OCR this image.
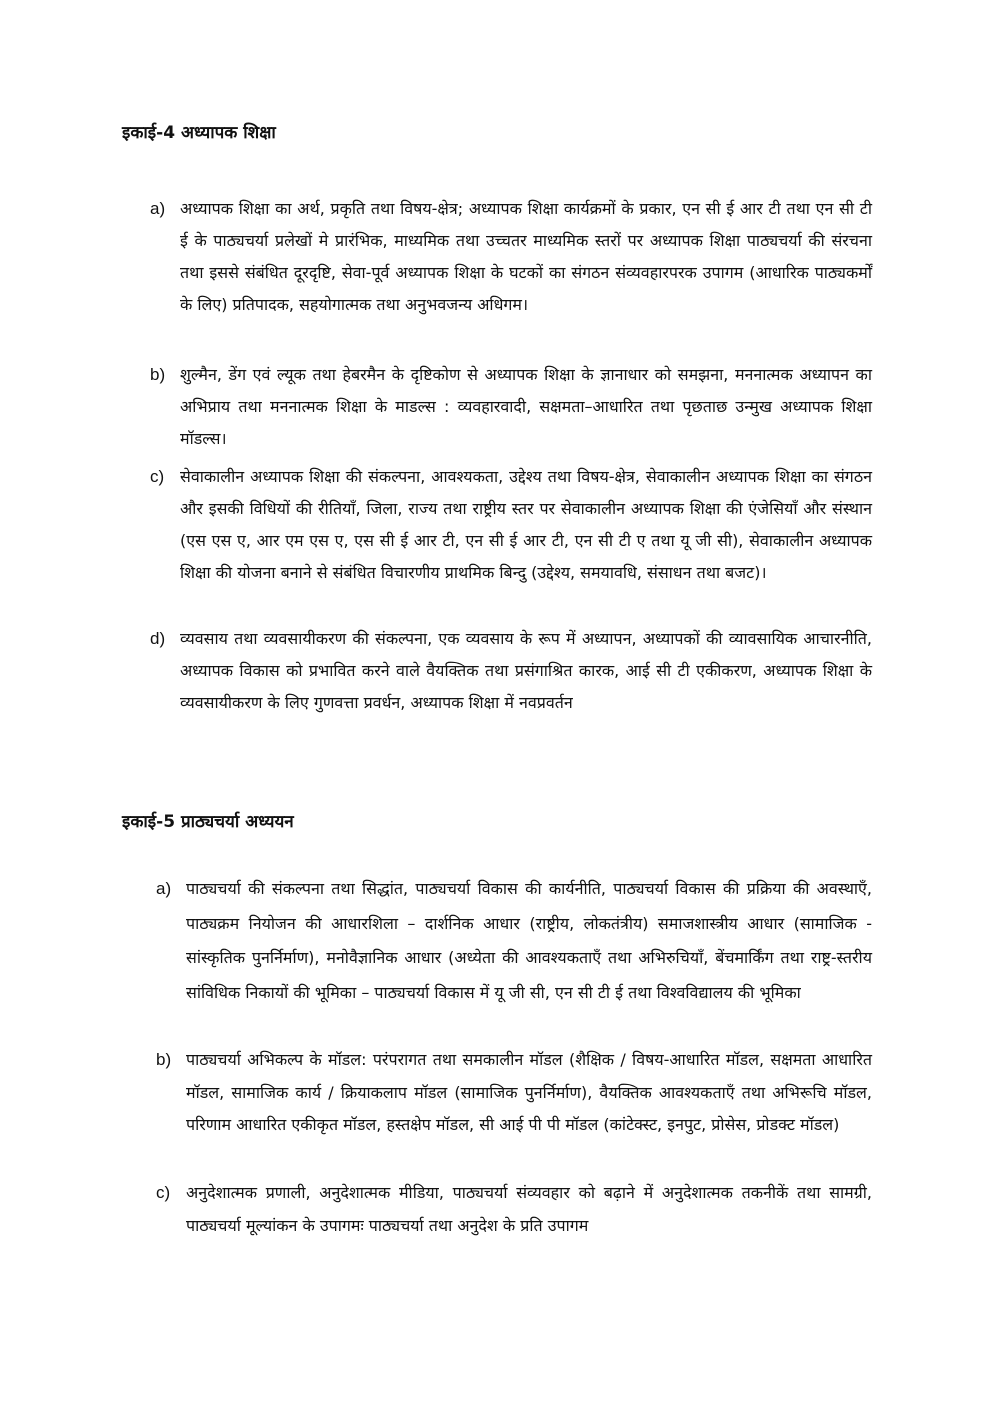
इकाई-4 अध्यापक शिक्षा
a) अध्यापक शिक्षा का अर्थ, प्रकृति तथा विषय-क्षेत्र; अध्यापक शिक्षा कार्यक्रमों के प्रकार, एन सी ई आर टी तथा एन सी टी ई के पाठ्यचर्या प्रलेखों मे प्रारंभिक, माध्यमिक तथा उच्चतर माध्यमिक स्तरों पर अध्यापक शिक्षा पाठ्यचर्या की संरचना तथा इससे संबंधित दूरदृष्टि, सेवा-पूर्व अध्यापक शिक्षा के घटकों का संगठन संव्यवहारपरक उपागम (आधारिक पाठ्यकर्मों के लिए) प्रतिपादक, सहयोगात्मक तथा अनुभवजन्य अधिगम।
b) शुल्मैन, डेंग एवं ल्यूक तथा हेबरमैन के दृष्टिकोण से अध्यापक शिक्षा के ज्ञानाधार को समझना, मननात्मक अध्यापन का अभिप्राय तथा मननात्मक शिक्षा के माडल्स : व्यवहारवादी, सक्षमता–आधारित तथा पृछताछ उन्मुख अध्यापक शिक्षा मॉडल्स।
c) सेवाकालीन अध्यापक शिक्षा की संकल्पना, आवश्यकता, उद्देश्य तथा विषय-क्षेत्र, सेवाकालीन अध्यापक शिक्षा का संगठन और इसकी विधियों की रीतियाँ, जिला, राज्य तथा राष्ट्रीय स्तर पर सेवाकालीन अध्यापक शिक्षा की एंजेसियाँ और संस्थान (एस एस ए, आर एम एस ए, एस सी ई आर टी, एन सी ई आर टी, एन सी टी ए तथा यू जी सी), सेवाकालीन अध्यापक शिक्षा की योजना बनाने से संबंधित विचारणीय प्राथमिक बिन्दु (उद्देश्य, समयावधि, संसाधन तथा बजट)।
d) व्यवसाय तथा व्यवसायीकरण की संकल्पना, एक व्यवसाय के रूप में अध्यापन, अध्यापकों की व्यावसायिक आचारनीति, अध्यापक विकास को प्रभावित करने वाले वैयक्तिक तथा प्रसंगाश्रित कारक, आई सी टी एकीकरण, अध्यापक शिक्षा के व्यवसायीकरण के लिए गुणवत्ता प्रवर्धन, अध्यापक शिक्षा में नवप्रवर्तन
इकाई-5 प्राठ्यचर्या अध्ययन
a) पाठ्यचर्या की संकल्पना तथा सिद्धांत, पाठ्यचर्या विकास की कार्यनीति, पाठ्यचर्या विकास की प्रक्रिया की अवस्थाएँ, पाठ्यक्रम नियोजन की आधारशिला – दार्शनिक आधार (राष्ट्रीय, लोकतंत्रीय) समाजशास्त्रीय आधार (सामाजिक - सांस्कृतिक पुनर्निर्माण), मनोवैज्ञानिक आधार (अध्येता की आवश्यकताएँ तथा अभिरुचियाँ, बेंचमार्किंग तथा राष्ट्र-स्तरीय सांविधिक निकायों की भूमिका – पाठ्यचर्या विकास में यू जी सी, एन सी टी ई तथा विश्वविद्यालय की भूमिका
b) पाठ्यचर्या अभिकल्प के मॉडल: परंपरागत तथा समकालीन मॉडल (शैक्षिक / विषय-आधारित मॉडल, सक्षमता आधारित मॉडल, सामाजिक कार्य / क्रियाकलाप मॉडल (सामाजिक पुनर्निर्माण), वैयक्तिक आवश्यकताएँ तथा अभिरूचि मॉडल, परिणाम आधारित एकीकृत मॉडल, हस्तक्षेप मॉडल, सी आई पी पी मॉडल (कांटेक्स्ट, इनपुट, प्रोसेस, प्रोडक्ट मॉडल)
c) अनुदेशात्मक प्रणाली, अनुदेशात्मक मीडिया, पाठ्यचर्या संव्यवहार को बढ़ाने में अनुदेशात्मक तकनीकें तथा सामग्री, पाठ्यचर्या मूल्यांकन के उपागमः पाठ्यचर्या तथा अनुदेश के प्रति उपागम
